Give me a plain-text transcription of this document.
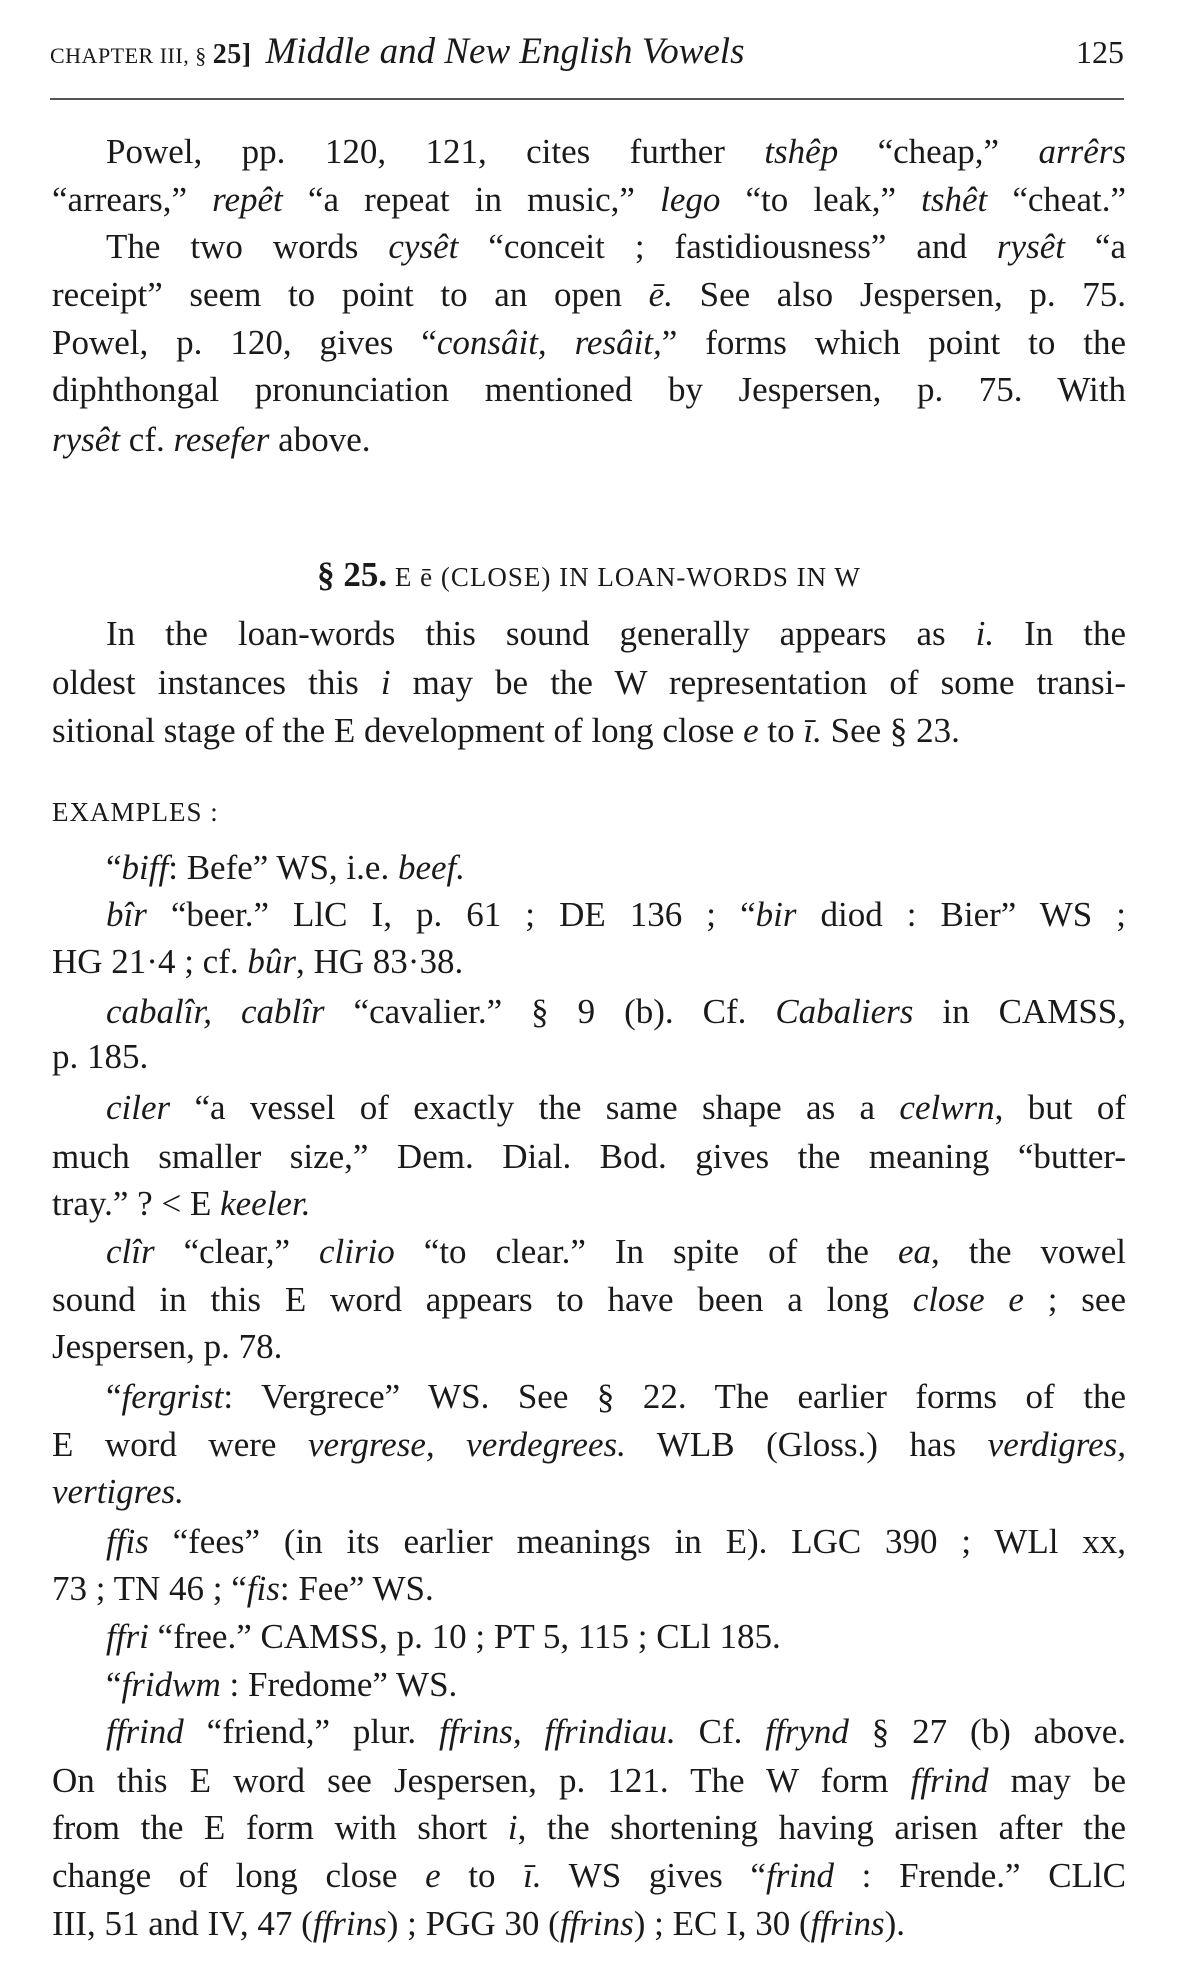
CHAPTER III, § 25] Middle and New English Vowels	125
Powel, pp. 120, 121, cites further tshêp “cheap,” arrêrs
“arrears,” repêt “a repeat in music,” lego “to leak,” tshêt “cheat.”
The two words cysêt “conceit ; fastidiousness” and rysêt “a
receipt” seem to point to an open ē. See also Jespersen, p. 75.
Powel, p. 120, gives “consâit, resâit,” forms which point to the
diphthongal pronunciation mentioned by Jespersen, p. 75. With
rysêt cf. resefer above.
§ 25. E ē (CLOSE) IN LOAN-WORDS IN W
In the loan-words this sound generally appears as i. In the
oldest instances this i may be the W representation of some transi-
sitional stage of the E development of long close e to ī. See § 23.
EXAMPLES :
“biff: Befe” WS, i.e. beef.
bîr “beer.” LlC I, p. 61 ; DE 136 ; “bir diod : Bier” WS ;
HG 21·4 ; cf. bûr, HG 83·38.
cabalîr, cablîr “cavalier.” § 9 (b). Cf. Cabaliers in CAMSS,
p. 185.
ciler “a vessel of exactly the same shape as a celwrn, but of
much smaller size,” Dem. Dial. Bod. gives the meaning “butter-
tray.” ? < E keeler.
clîr “clear,” clirio “to clear.” In spite of the ea, the vowel
sound in this E word appears to have been a long close e ; see
Jespersen, p. 78.
“fergrist: Vergrece” WS. See § 22. The earlier forms of the
E word were vergrese, verdegrees. WLB (Gloss.) has verdigres,
vertigres.
ffis “fees” (in its earlier meanings in E). LGC 390 ; WLl xx,
73 ; TN 46 ; “fis: Fee” WS.
ffri “free.” CAMSS, p. 10 ; PT 5, 115 ; CLl 185.
“fridwm : Fredome” WS.
ffrind “friend,” plur. ffrins, ffrindiau. Cf. ffrynd § 27 (b) above.
On this E word see Jespersen, p. 121. The W form ffrind may be
from the E form with short i, the shortening having arisen after the
change of long close e to ī. WS gives “frind : Frende.” CLlC
III, 51 and IV, 47 (ffrins) ; PGG 30 (ffrins) ; EC I, 30 (ffrins).
